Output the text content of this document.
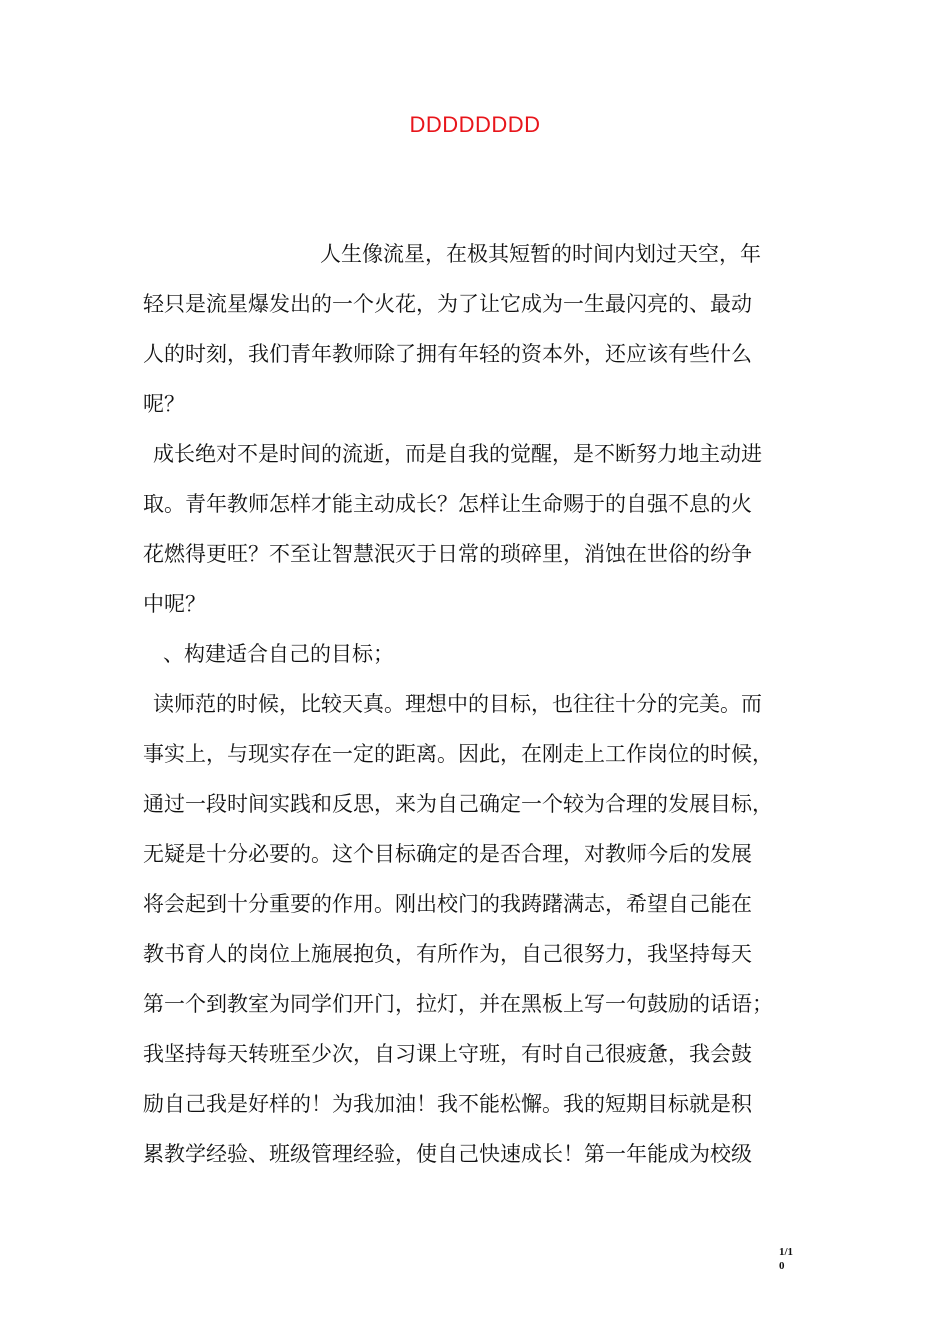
DDDDDDDD
人生像流星，在极其短暂的时间内划过天空，年
轻只是流星爆发出的一个火花，为了让它成为一生最闪亮的、最动
人的时刻，我们青年教师除了拥有年轻的资本外，还应该有些什么
呢？
成长绝对不是时间的流逝，而是自我的觉醒，是不断努力地主动进
取。青年教师怎样才能主动成长？怎样让生命赐于的自强不息的火
花燃得更旺？不至让智慧泯灭于日常的琐碎里，消蚀在世俗的纷争
中呢？
、构建适合自己的目标；
读师范的时候，比较天真。理想中的目标，也往往十分的完美。而
事实上，与现实存在一定的距离。因此，在刚走上工作岗位的时候，
通过一段时间实践和反思，来为自己确定一个较为合理的发展目标，
无疑是十分必要的。这个目标确定的是否合理，对教师今后的发展
将会起到十分重要的作用。刚出校门的我踌躇满志，希望自己能在
教书育人的岗位上施展抱负，有所作为，自己很努力，我坚持每天
第一个到教室为同学们开门，拉灯，并在黑板上写一句鼓励的话语；
我坚持每天转班至少次，自习课上守班，有时自己很疲惫，我会鼓
励自己我是好样的！为我加油！我不能松懈。我的短期目标就是积
累教学经验、班级管理经验，使自己快速成长！第一年能成为校级
1/1
0
